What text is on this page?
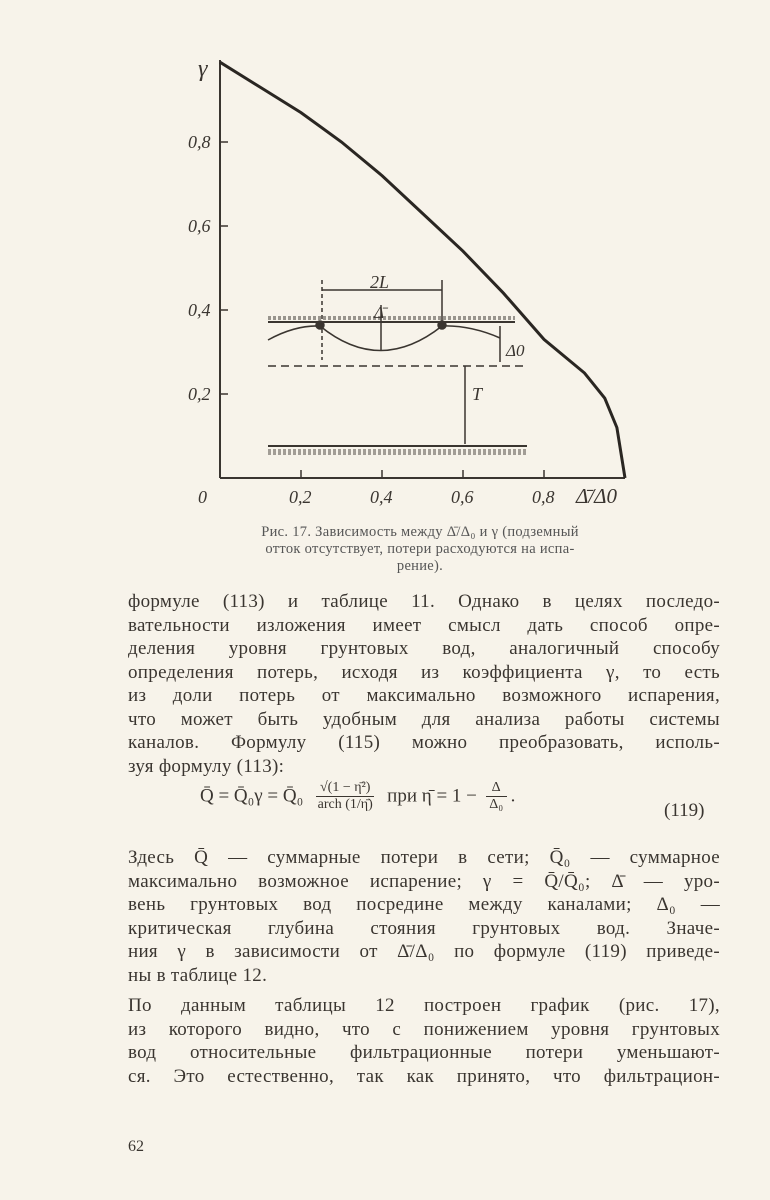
0	0,2	0,4	0,6	0,8
0,2
0,4
0,6
0,8
γ
Δ̄/Δ0
2L
Δ̄
Δ0
T
Рис. 17. Зависимость между Δ̄/Δ₀ и γ (подземный
отток отсутствует, потери расходуются на испа-
рение).
формуле (113) и таблице 11. Однако в целях последо-
вательности изложения имеет смысл дать способ опре-
деления уровня грунтовых вод, аналогичный способу
определения потерь, исходя из коэффициента γ, то есть
из доли потерь от максимально возможного испарения,
что может быть удобным для анализа работы системы
каналов. Формулу (115) можно преобразовать, исполь-
зуя формулу (113):
Q̄ = Q̄₀γ = Q̄₀ √(1 − η̄²)
arch (1/η̄) при η̄ = $1 - \frac{\Delta}{\text{Δ₀}}$ .
(119)
Здесь Q̄ — суммарные потери в сети; Q̄₀ — суммарное
максимально возможное испарение; γ = Q̄/Q̄₀; Δ̄ — уро-
вень грунтовых вод посредине между каналами; Δ₀ —
критическая глубина стояния грунтовых вод. Значе-
ния γ в зависимости от Δ̄/Δ₀ по формуле (119) приведе-
ны в таблице 12.
По данным таблицы 12 построен график (рис. 17),
из которого видно, что с понижением уровня грунтовых
вод относительные фильтрационные потери уменьшают-
ся. Это естественно, так как принято, что фильтрацион-
62
